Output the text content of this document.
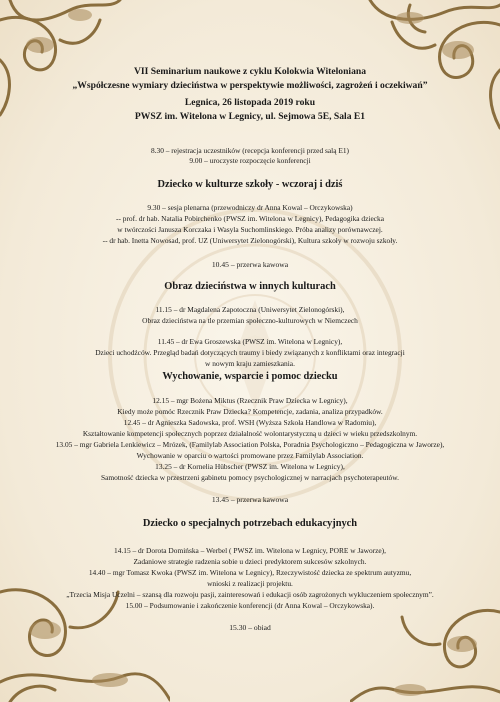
VII Seminarium naukowe z cyklu Kolokwia Witeloniana
„Współczesne wymiary dzieciństwa w perspektywie możliwości, zagrożeń i oczekiwań”
Legnica, 26 listopada 2019 roku
PWSZ im. Witelona w Legnicy, ul. Sejmowa 5E, Sala E1
8.30 – rejestracja uczestników (recepcja konferencji przed salą E1)
9.00 – uroczyste rozpoczęcie konferencji
Dziecko w kulturze szkoły - wczoraj i dziś
9.30 – sesja plenarna (przewodniczy dr Anna Kowal – Orczykowska)
-- prof. dr hab. Natalia Pobirchenko (PWSZ im. Witelona w Legnicy), Pedagogika dziecka
w twórczości Janusza Korczaka i Wasyla Suchomlinskiego. Próba analizy porównawczej.
-- dr hab. Inetta Nowosad, prof. UZ (Uniwersytet Zielonogórski), Kultura szkoły w rozwoju szkoły.
10.45 – przerwa kawowa
Obraz dzieciństwa w innych kulturach
11.15 – dr Magdalena Zapotoczna (Uniwersytet Zielonogórski),
Obraz dzieciństwa na tle przemian społeczno-kulturowych w Niemczech
11.45 – dr Ewa Groszewska (PWSZ im. Witelona w Legnicy),
Dzieci uchodźców. Przegląd badań dotyczących traumy i biedy związanych z konfliktami oraz integracji
w nowym kraju zamieszkania.
Wychowanie, wsparcie i pomoc dziecku
12.15 – mgr Bożena Miktus (Rzecznik Praw Dziecka w Legnicy),
Kiedy może pomóc Rzecznik Praw Dziecka? Kompetencje, zadania, analiza przypadków.
12.45 – dr Agnieszka Sadowska, prof. WSH (Wyższa Szkoła Handlowa w Radomiu),
Kształtowanie kompetencji społecznych poprzez działalność wolontarystyczną u dzieci w wieku przedszkolnym.
13.05 – mgr Gabriela Lenkiewicz – Mrózek, (Familylab Association Polska, Poradnia Psychologiczno – Pedagogiczna w Jaworze),
Wychowanie w oparciu o wartości promowane przez Familylab Association.
13.25 – dr Kornelia Hübscher (PWSZ im. Witelona w Legnicy),
Samotność dziecka w przestrzeni gabinetu pomocy psychologicznej w narracjach psychoterapeutów.
13.45 – przerwa kawowa
Dziecko o specjalnych potrzebach edukacyjnych
14.15 – dr Dorota Domińska – Werbel ( PWSZ im. Witelona w Legnicy, PORE w Jaworze),
Zadaniowe strategie radzenia sobie u dzieci predyktorem sukcesów szkolnych.
14.40 – mgr Tomasz Kwoka (PWSZ im. Witelona w Legnicy), Rzeczywistość dziecka ze spektrum autyzmu,
wnioski z realizacji projektu.
„Trzecia Misja Uczelni – szansą dla rozwoju pasji, zainteresowań i edukacji osób zagrożonych wykluczeniem społecznym”.
15.00 – Podsumowanie i zakończenie konferencji (dr Anna Kowal – Orczykowska).
15.30 – obiad
